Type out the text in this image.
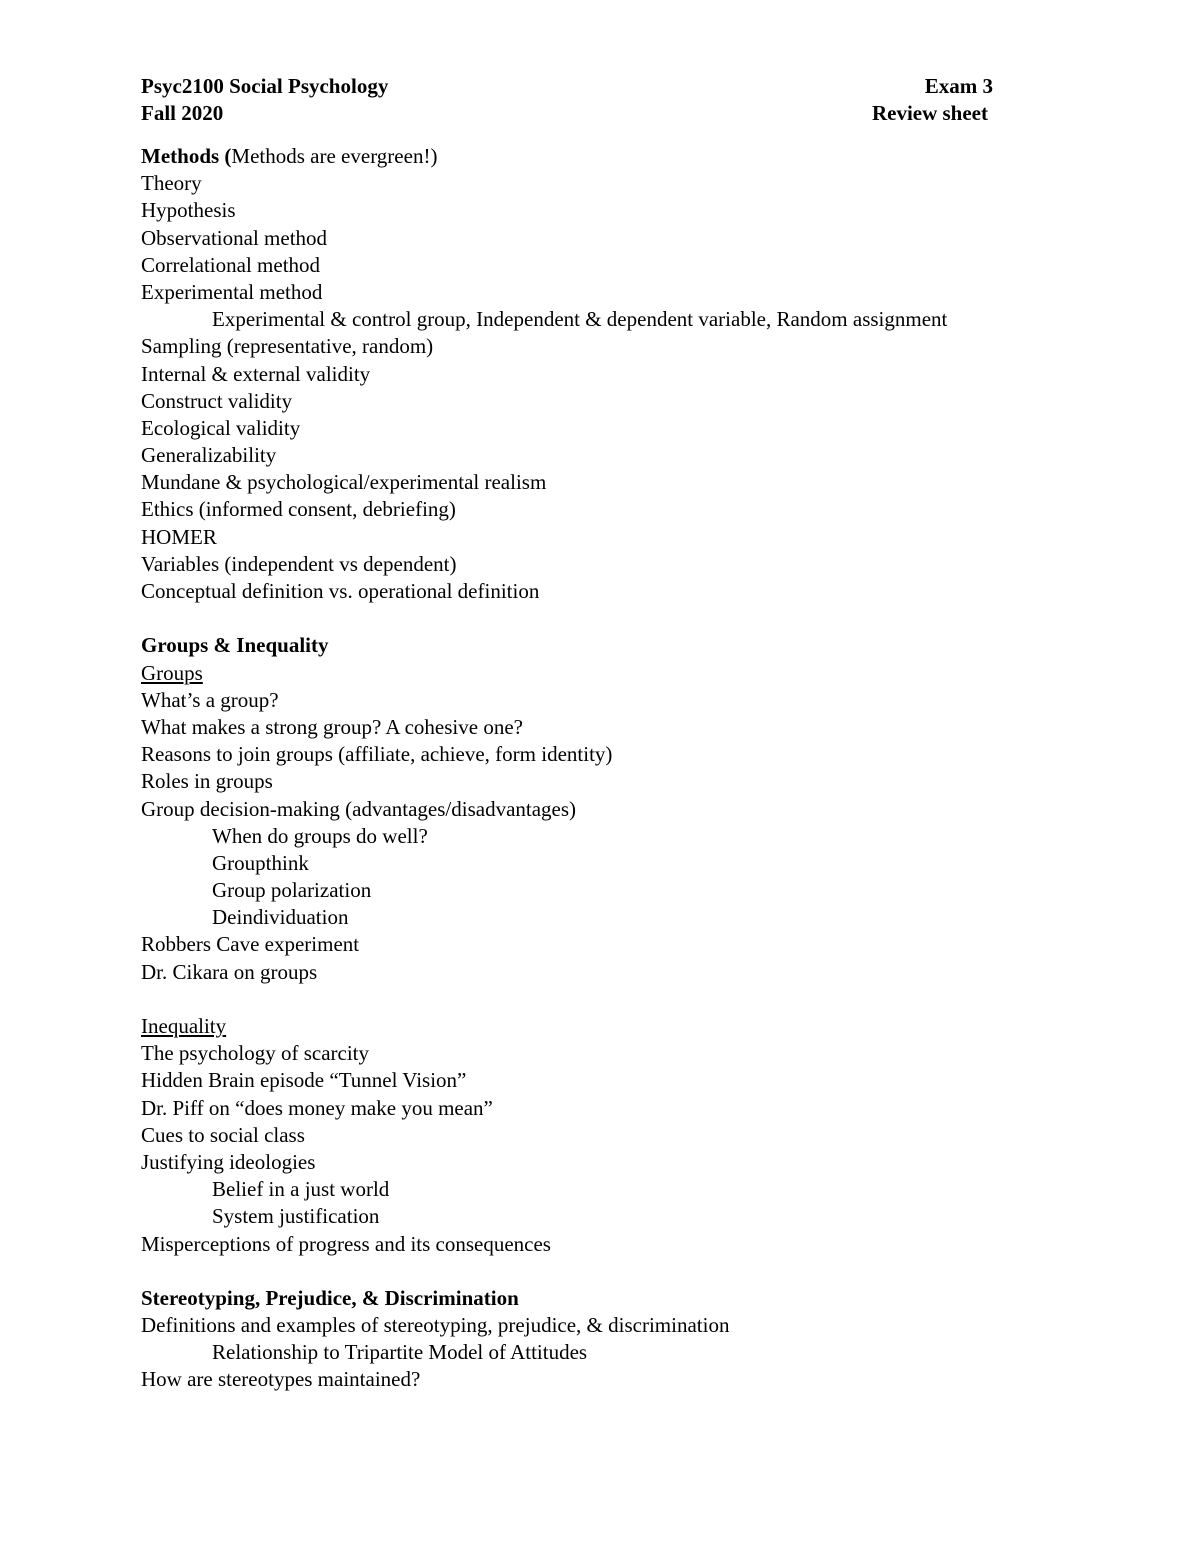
Psyc2100 Social Psychology
Fall 2020
Exam 3
Review sheet
Methods (Methods are evergreen!)
Theory
Hypothesis
Observational method
Correlational method
Experimental method
Experimental & control group, Independent & dependent variable, Random assignment
Sampling (representative, random)
Internal & external validity
Construct validity
Ecological validity
Generalizability
Mundane & psychological/experimental realism
Ethics (informed consent, debriefing)
HOMER
Variables (independent vs dependent)
Conceptual definition vs. operational definition
Groups & Inequality
Groups
What’s a group?
What makes a strong group? A cohesive one?
Reasons to join groups (affiliate, achieve, form identity)
Roles in groups
Group decision-making (advantages/disadvantages)
When do groups do well?
Groupthink
Group polarization
Deindividuation
Robbers Cave experiment
Dr. Cikara on groups
Inequality
The psychology of scarcity
Hidden Brain episode “Tunnel Vision”
Dr. Piff on “does money make you mean”
Cues to social class
Justifying ideologies
Belief in a just world
System justification
Misperceptions of progress and its consequences
Stereotyping, Prejudice, & Discrimination
Definitions and examples of stereotyping, prejudice, & discrimination
Relationship to Tripartite Model of Attitudes
How are stereotypes maintained?
